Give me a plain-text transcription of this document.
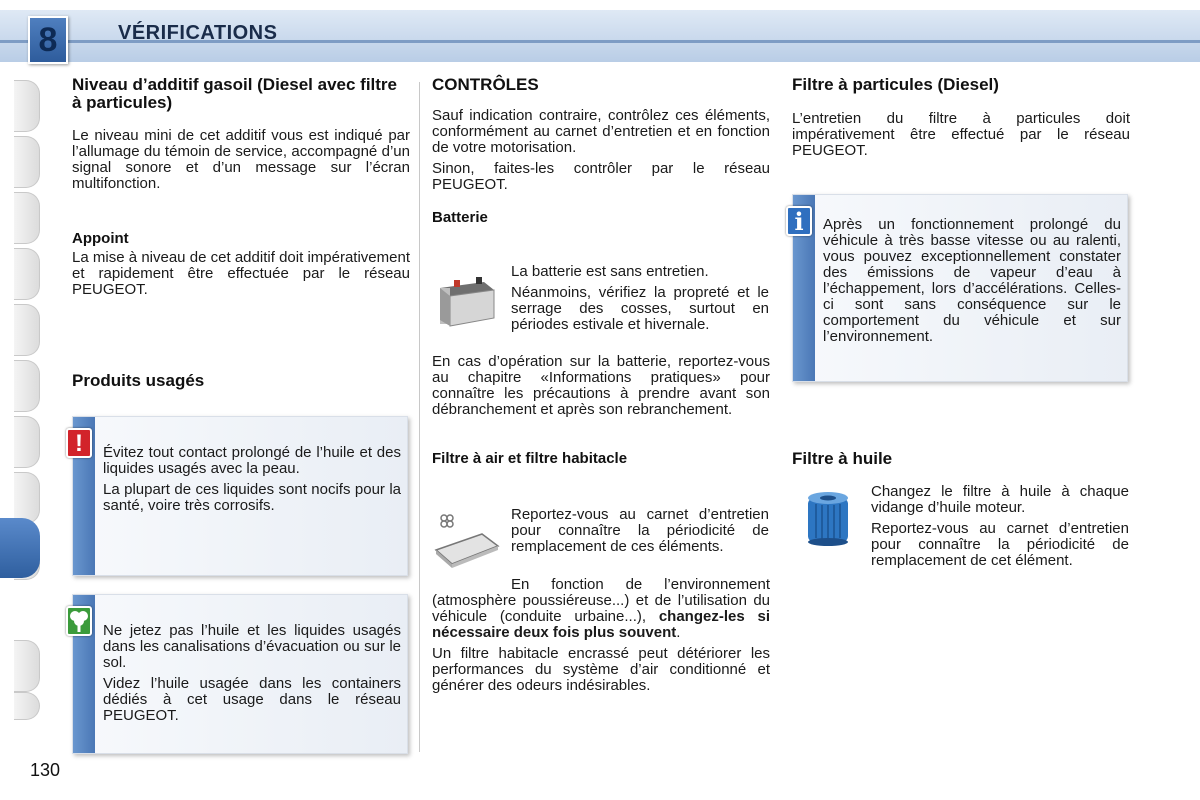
8	VÉRIFICATIONS
Niveau d’additif gasoil (Diesel avec filtre à particules)

Le niveau mini de cet additif vous est indiqué par l’allumage du témoin de service, accompagné d’un signal sonore et d’un message sur l’écran multifonction.

Appoint

La mise à niveau de cet additif doit impérativement et rapidement être effectuée par le réseau PEUGEOT.

Produits usagés

Évitez tout contact prolongé de l’huile et des liquides usagés avec la peau.

La plupart de ces liquides sont nocifs pour la santé, voire très corrosifs.

!

Ne jetez pas l’huile et les liquides usagés dans les canalisations d’évacuation ou sur le sol.

Videz l’huile usagée dans les containers dédiés à cet usage dans le réseau PEUGEOT.

CONTRÔLES

Sauf indication contraire, contrôlez ces éléments, conformément au carnet d’entretien et en fonction de votre motorisation.

Sinon, faites-les contrôler par le réseau PEUGEOT.

Batterie

La batterie est sans entretien.

Néanmoins, vérifiez la propreté et le serrage des cosses, surtout en périodes estivale et hivernale.

En cas d’opération sur la batterie, reportez-vous au chapitre «Informations pratiques» pour connaître les précautions à prendre avant son débranchement et après son rebranchement.

Filtre à air et filtre habitacle

Reportez-vous au carnet d’entretien pour connaître la périodicité de remplacement de ces éléments.

En fonction de l’environnement (atmosphère poussiéreuse...) et de l’utilisation du véhicule (conduite urbaine...), changez-les si nécessaire deux fois plus souvent.

Un filtre habitacle encrassé peut détériorer les performances du système d’air conditionné et générer des odeurs indésirables.

Filtre à particules (Diesel)

L’entretien du filtre à particules doit impérativement être effectué par le réseau PEUGEOT.

Après un fonctionnement prolongé du véhicule à très basse vitesse ou au ralenti, vous pouvez exceptionnellement constater des émissions de vapeur d’eau à l’échappement, lors d’accélérations. Celles-ci sont sans conséquence sur le comportement du véhicule et sur l’environnement.

i
Filtre à huile

Changez le filtre à huile à chaque vidange d’huile moteur.

Reportez-vous au carnet d’entretien pour connaître la périodicité de remplacement de cet élément.

130
